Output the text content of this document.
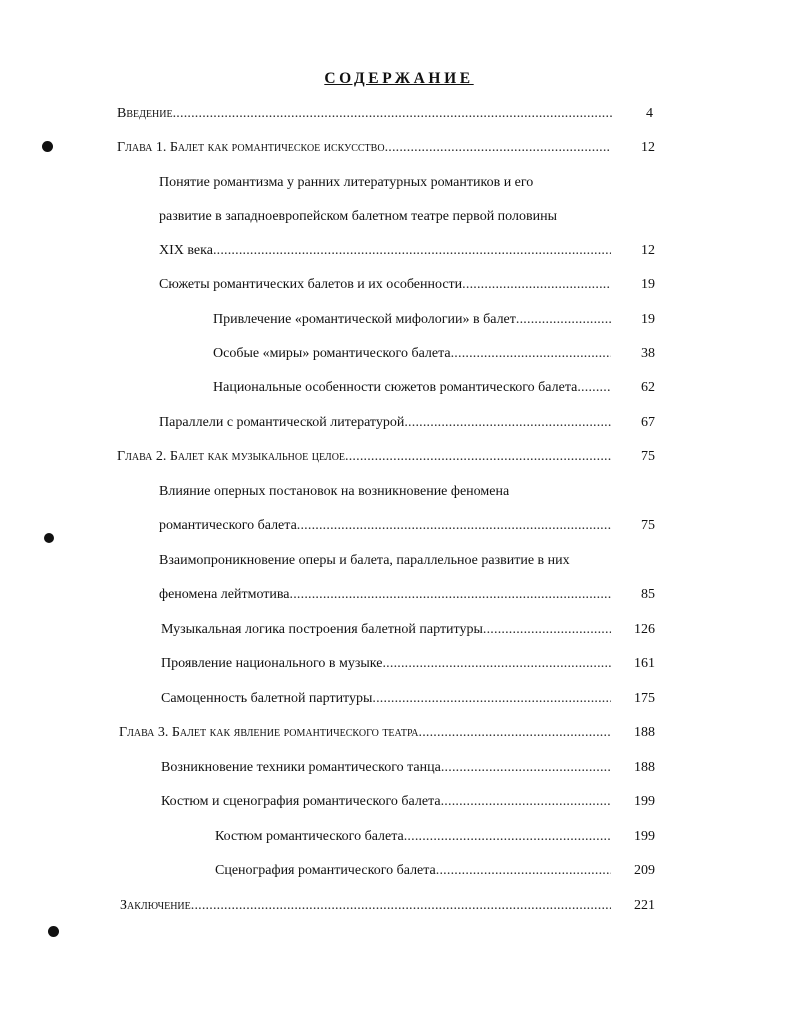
СОДЕРЖАНИЕ
Введение .....	4
Глава 1. Балет как романтическое искусство .....	12
Понятие романтизма у ранних литературных романтиков и его
развитие в западноевропейском балетном театре первой половины
XIX века .....	12
Сюжеты романтических балетов и их особенности .....	19
Привлечение «романтической мифологии» в балет .....	19
Особые «миры» романтического балета .....	38
Национальные особенности сюжетов романтического балета .....	62
Параллели с романтической литературой .....	67
Глава 2. Балет как музыкальное целое .....	75
Влияние оперных постановок на возникновение феномена
романтического балета .....	75
Взаимопроникновение оперы и балета, параллельное развитие в них
феномена лейтмотива .....	85
Музыкальная логика построения балетной партитуры .....	126
Проявление национального в музыке .....	161
Самоценность балетной партитуры .....	175
Глава 3. Балет как явление романтического театра .....	188
Возникновение техники романтического танца .....	188
Костюм и сценография романтического балета .....	199
Костюм романтического балета .....	199
Сценография романтического балета .....	209
Заключение .....	221
